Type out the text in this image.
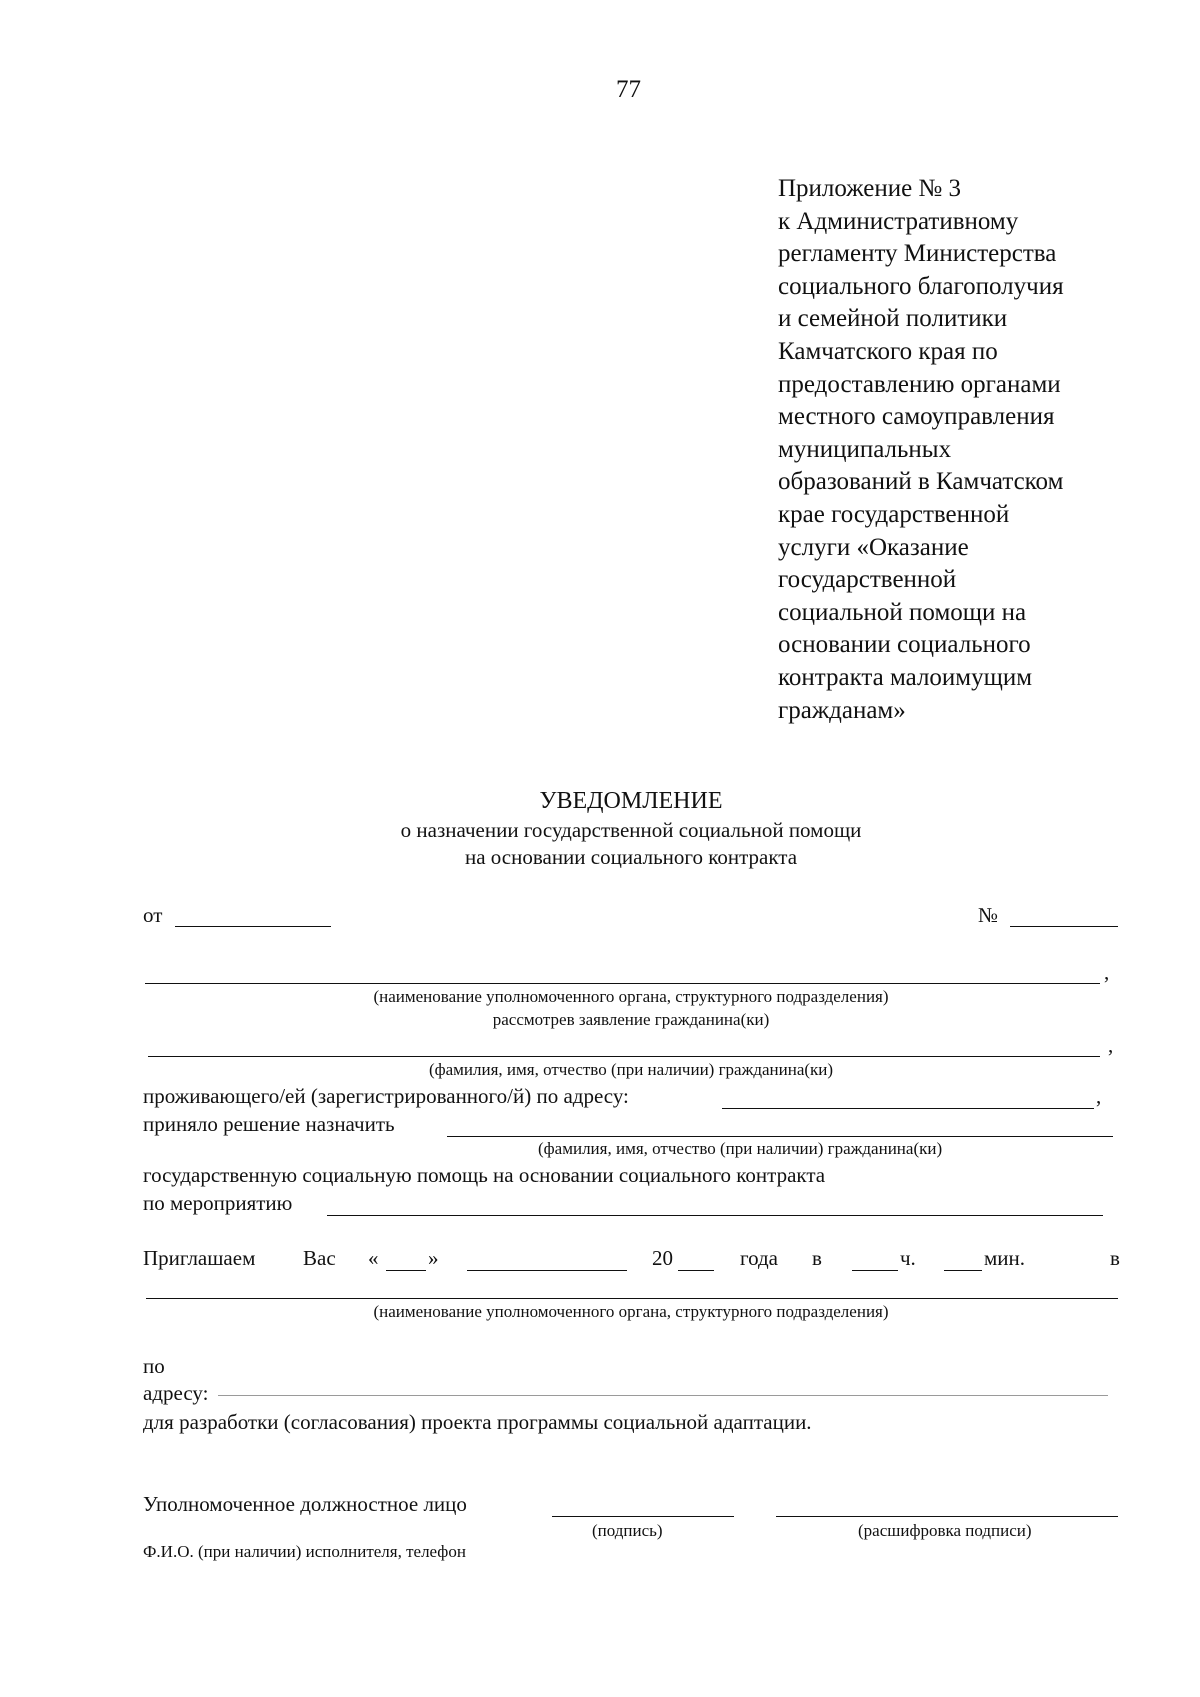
77
Приложение № 3
к Административному
регламенту Министерства
социального благополучия
и семейной политики
Камчатского края по
предоставлению органами
местного самоуправления
муниципальных
образований в Камчатском
крае государственной
услуги «Оказание
государственной
социальной помощи на
основании социального
контракта малоимущим
гражданам»
УВЕДОМЛЕНИЕ
о назначении государственной социальной помощи
на основании социального контракта
от	№
,
(наименование уполномоченного органа, структурного подразделения)
рассмотрев заявление гражданина(ки)
,
(фамилия, имя, отчество (при наличии) гражданина(ки)
проживающего/ей (зарегистрированного/й) по адресу:	,
приняло решение назначить
(фамилия, имя, отчество (при наличии) гражданина(ки)
государственную социальную помощь на основании социального контракта
по мероприятию
Приглашаем Вас « »	20	года в	ч.	мин.	в
(наименование уполномоченного органа, структурного подразделения)
по
адресу:
для разработки (согласования) проекта программы социальной адаптации.
Уполномоченное должностное лицо
(подпись)	(расшифровка подписи)
Ф.И.О. (при наличии) исполнителя, телефон
